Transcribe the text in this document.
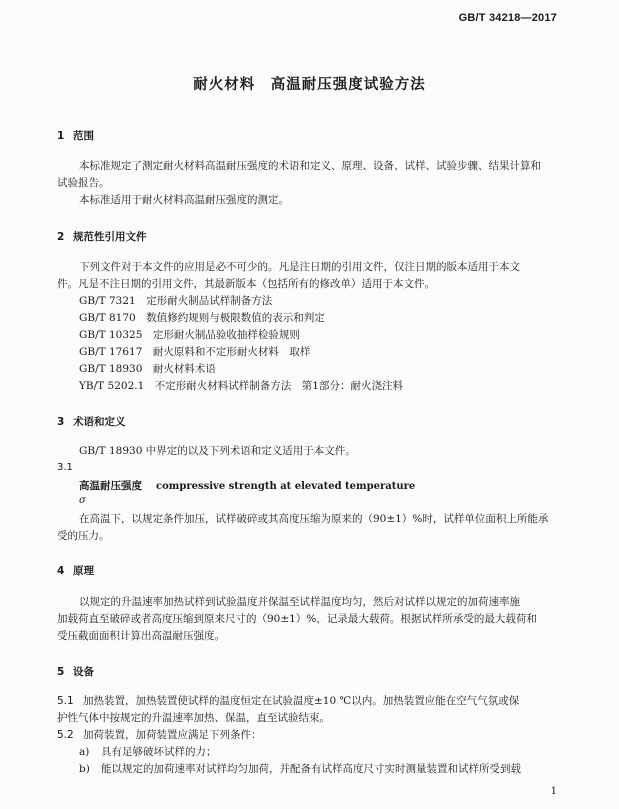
GB/T 34218—2017
耐火材料　高温耐压强度试验方法
1 范围
本标准规定了测定耐火材料高温耐压强度的术语和定义、原理、设备、试样、试验步骤、结果计算和
试验报告。
本标准适用于耐火材料高温耐压强度的测定。
2 规范性引用文件
下列文件对于本文件的应用是必不可少的。凡是注日期的引用文件，仅注日期的版本适用于本文
件。凡是不注日期的引用文件，其最新版本（包括所有的修改单）适用于本文件。
GB/T 7321　定形耐火制品试样制备方法
GB/T 8170　数值修约规则与极限数值的表示和判定
GB/T 10325　定形耐火制品验收抽样检验规则
GB/T 17617　耐火原料和不定形耐火材料　取样
GB/T 18930　耐火材料术语
YB/T 5202.1　不定形耐火材料试样制备方法　第1部分：耐火浇注料
3 术语和定义
GB/T 18930 中界定的以及下列术语和定义适用于本文件。
3.1
高温耐压强度 compressive strength at elevated temperature
σ
在高温下，以规定条件加压，试样破碎或其高度压缩为原来的（90±1）%时，试样单位面积上所能承
受的压力。
4 原理
以规定的升温速率加热试样到试验温度并保温至试样温度均匀，然后对试样以规定的加荷速率施
加载荷直至破碎或者高度压缩到原来尺寸的（90±1）%，记录最大载荷。根据试样所承受的最大载荷和
受压截面面积计算出高温耐压强度。
5 设备
5.1 加热装置，加热装置使试样的温度恒定在试验温度±10 ℃以内。加热装置应能在空气气氛或保
护性气体中按规定的升温速率加热、保温，直至试验结束。
5.2 加荷装置，加荷装置应满足下列条件：
a) 具有足够破坏试样的力；
b) 能以规定的加荷速率对试样均匀加荷，并配备有试样高度尺寸实时测量装置和试样所受到载
1
